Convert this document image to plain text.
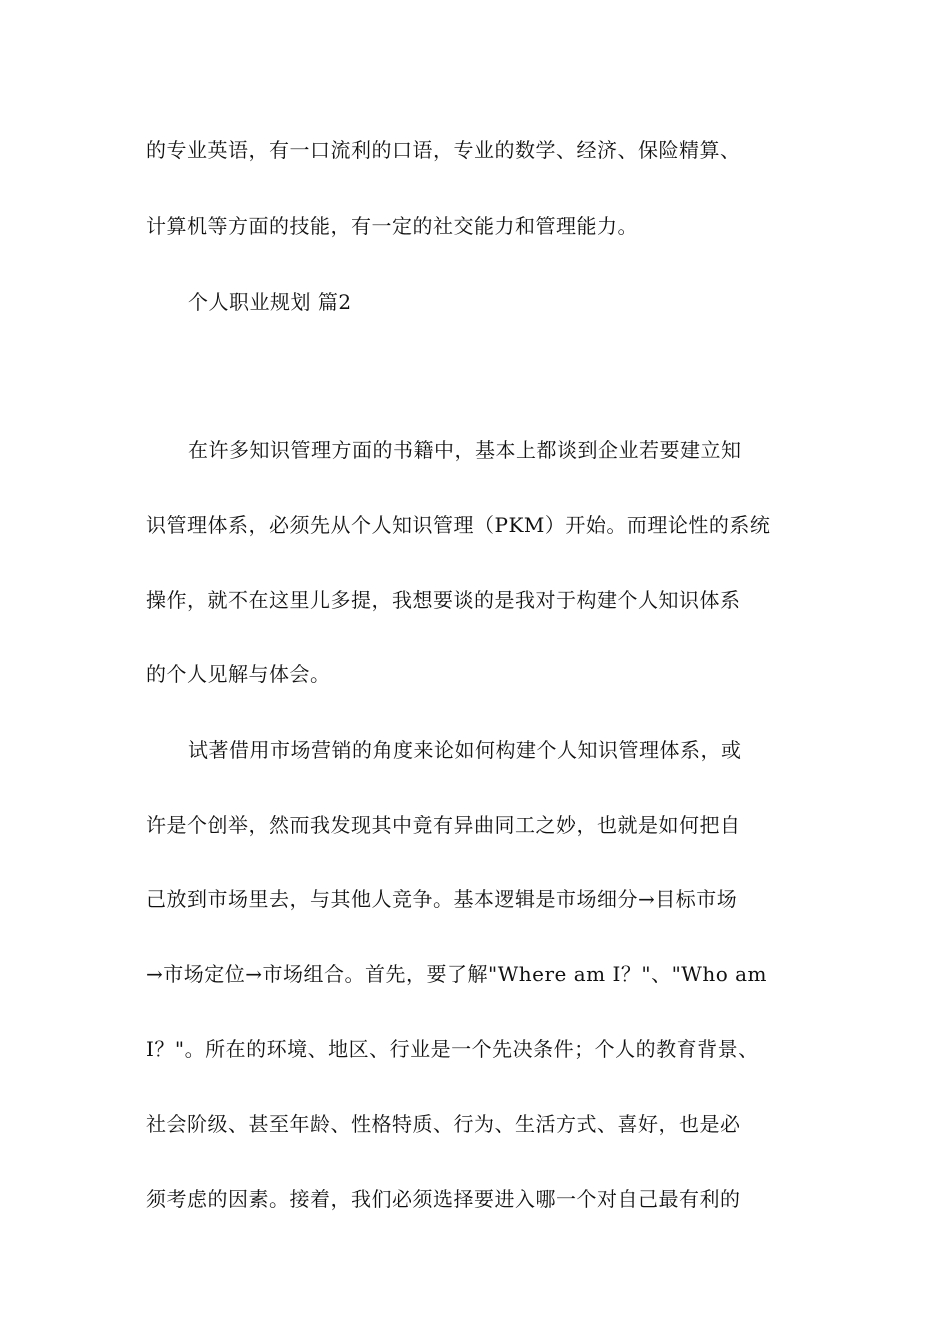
的专业英语，有一口流利的口语，专业的数学、经济、保险精算、
计算机等方面的技能，有一定的社交能力和管理能力。
个人职业规划 篇2
在许多知识管理方面的书籍中，基本上都谈到企业若要建立知
识管理体系，必须先从个人知识管理（PKM）开始。而理论性的系统
操作，就不在这里儿多提，我想要谈的是我对于构建个人知识体系
的个人见解与体会。
试著借用市场营销的角度来论如何构建个人知识管理体系，或
许是个创举，然而我发现其中竟有异曲同工之妙，也就是如何把自
己放到市场里去，与其他人竞争。基本逻辑是市场细分→目标市场
→市场定位→市场组合。首先，要了解"Where am I？"、"Who am
I？"。所在的环境、地区、行业是一个先决条件；个人的教育背景、
社会阶级、甚至年龄、性格特质、行为、生活方式、喜好，也是必
须考虑的因素。接着，我们必须选择要进入哪一个对自己最有利的
